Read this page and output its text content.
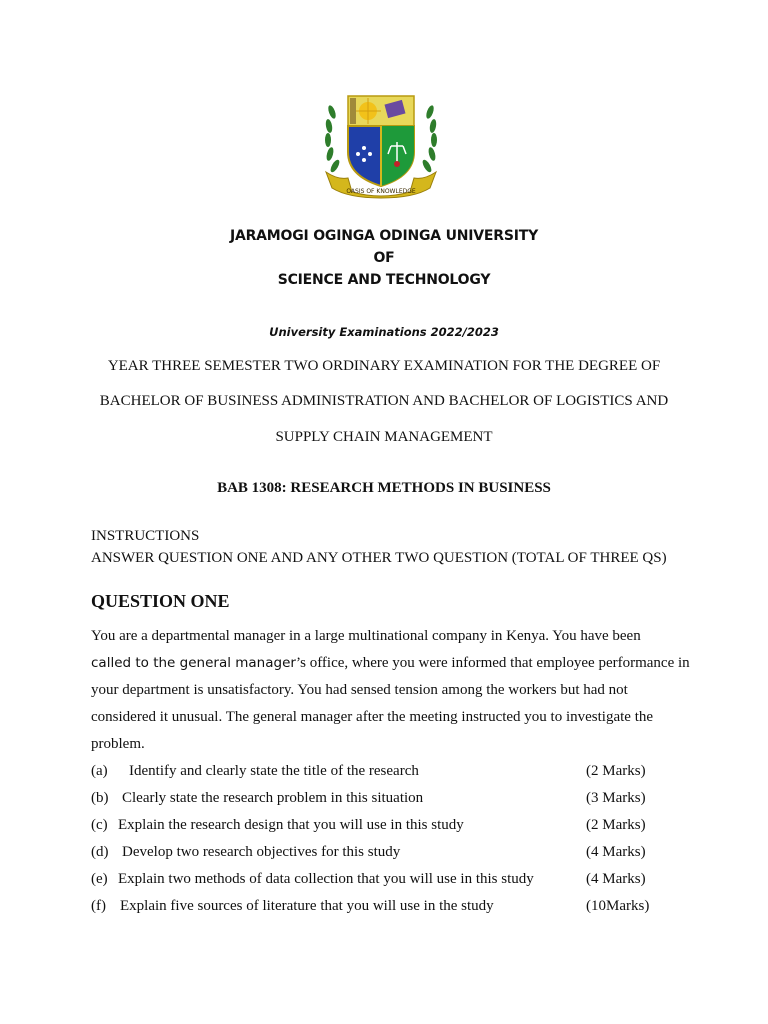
OASIS OF KNOWLEDGE
JARAMOGI OGINGA ODINGA UNIVERSITY
OF
SCIENCE AND TECHNOLOGY
University Examinations 2022/2023
YEAR THREE SEMESTER TWO ORDINARY EXAMINATION FOR THE DEGREE OF
BACHELOR OF BUSINESS ADMINISTRATION AND BACHELOR OF LOGISTICS AND
SUPPLY CHAIN MANAGEMENT
BAB 1308: RESEARCH METHODS IN BUSINESS
INSTRUCTIONS
ANSWER QUESTION ONE AND ANY OTHER TWO QUESTION (TOTAL OF THREE QS)
QUESTION ONE
You are a departmental manager in a large multinational company in Kenya. You have been
called to the general manager’s office, where you were informed that employee performance in
your department is unsatisfactory. You had sensed tension among the workers but had not
considered it unusual. The general manager after the meeting instructed you to investigate the
problem.
(a) Identify and clearly state the title of the research	(2 Marks)
(b) Clearly state the research problem in this situation	(3 Marks)
(c) Explain the research design that you will use in this study	(2 Marks)
(d) Develop two research objectives for this study	(4 Marks)
(e) Explain two methods of data collection that you will use in this study	(4 Marks)
(f) Explain five sources of literature that you will use in the study	(10Marks)
